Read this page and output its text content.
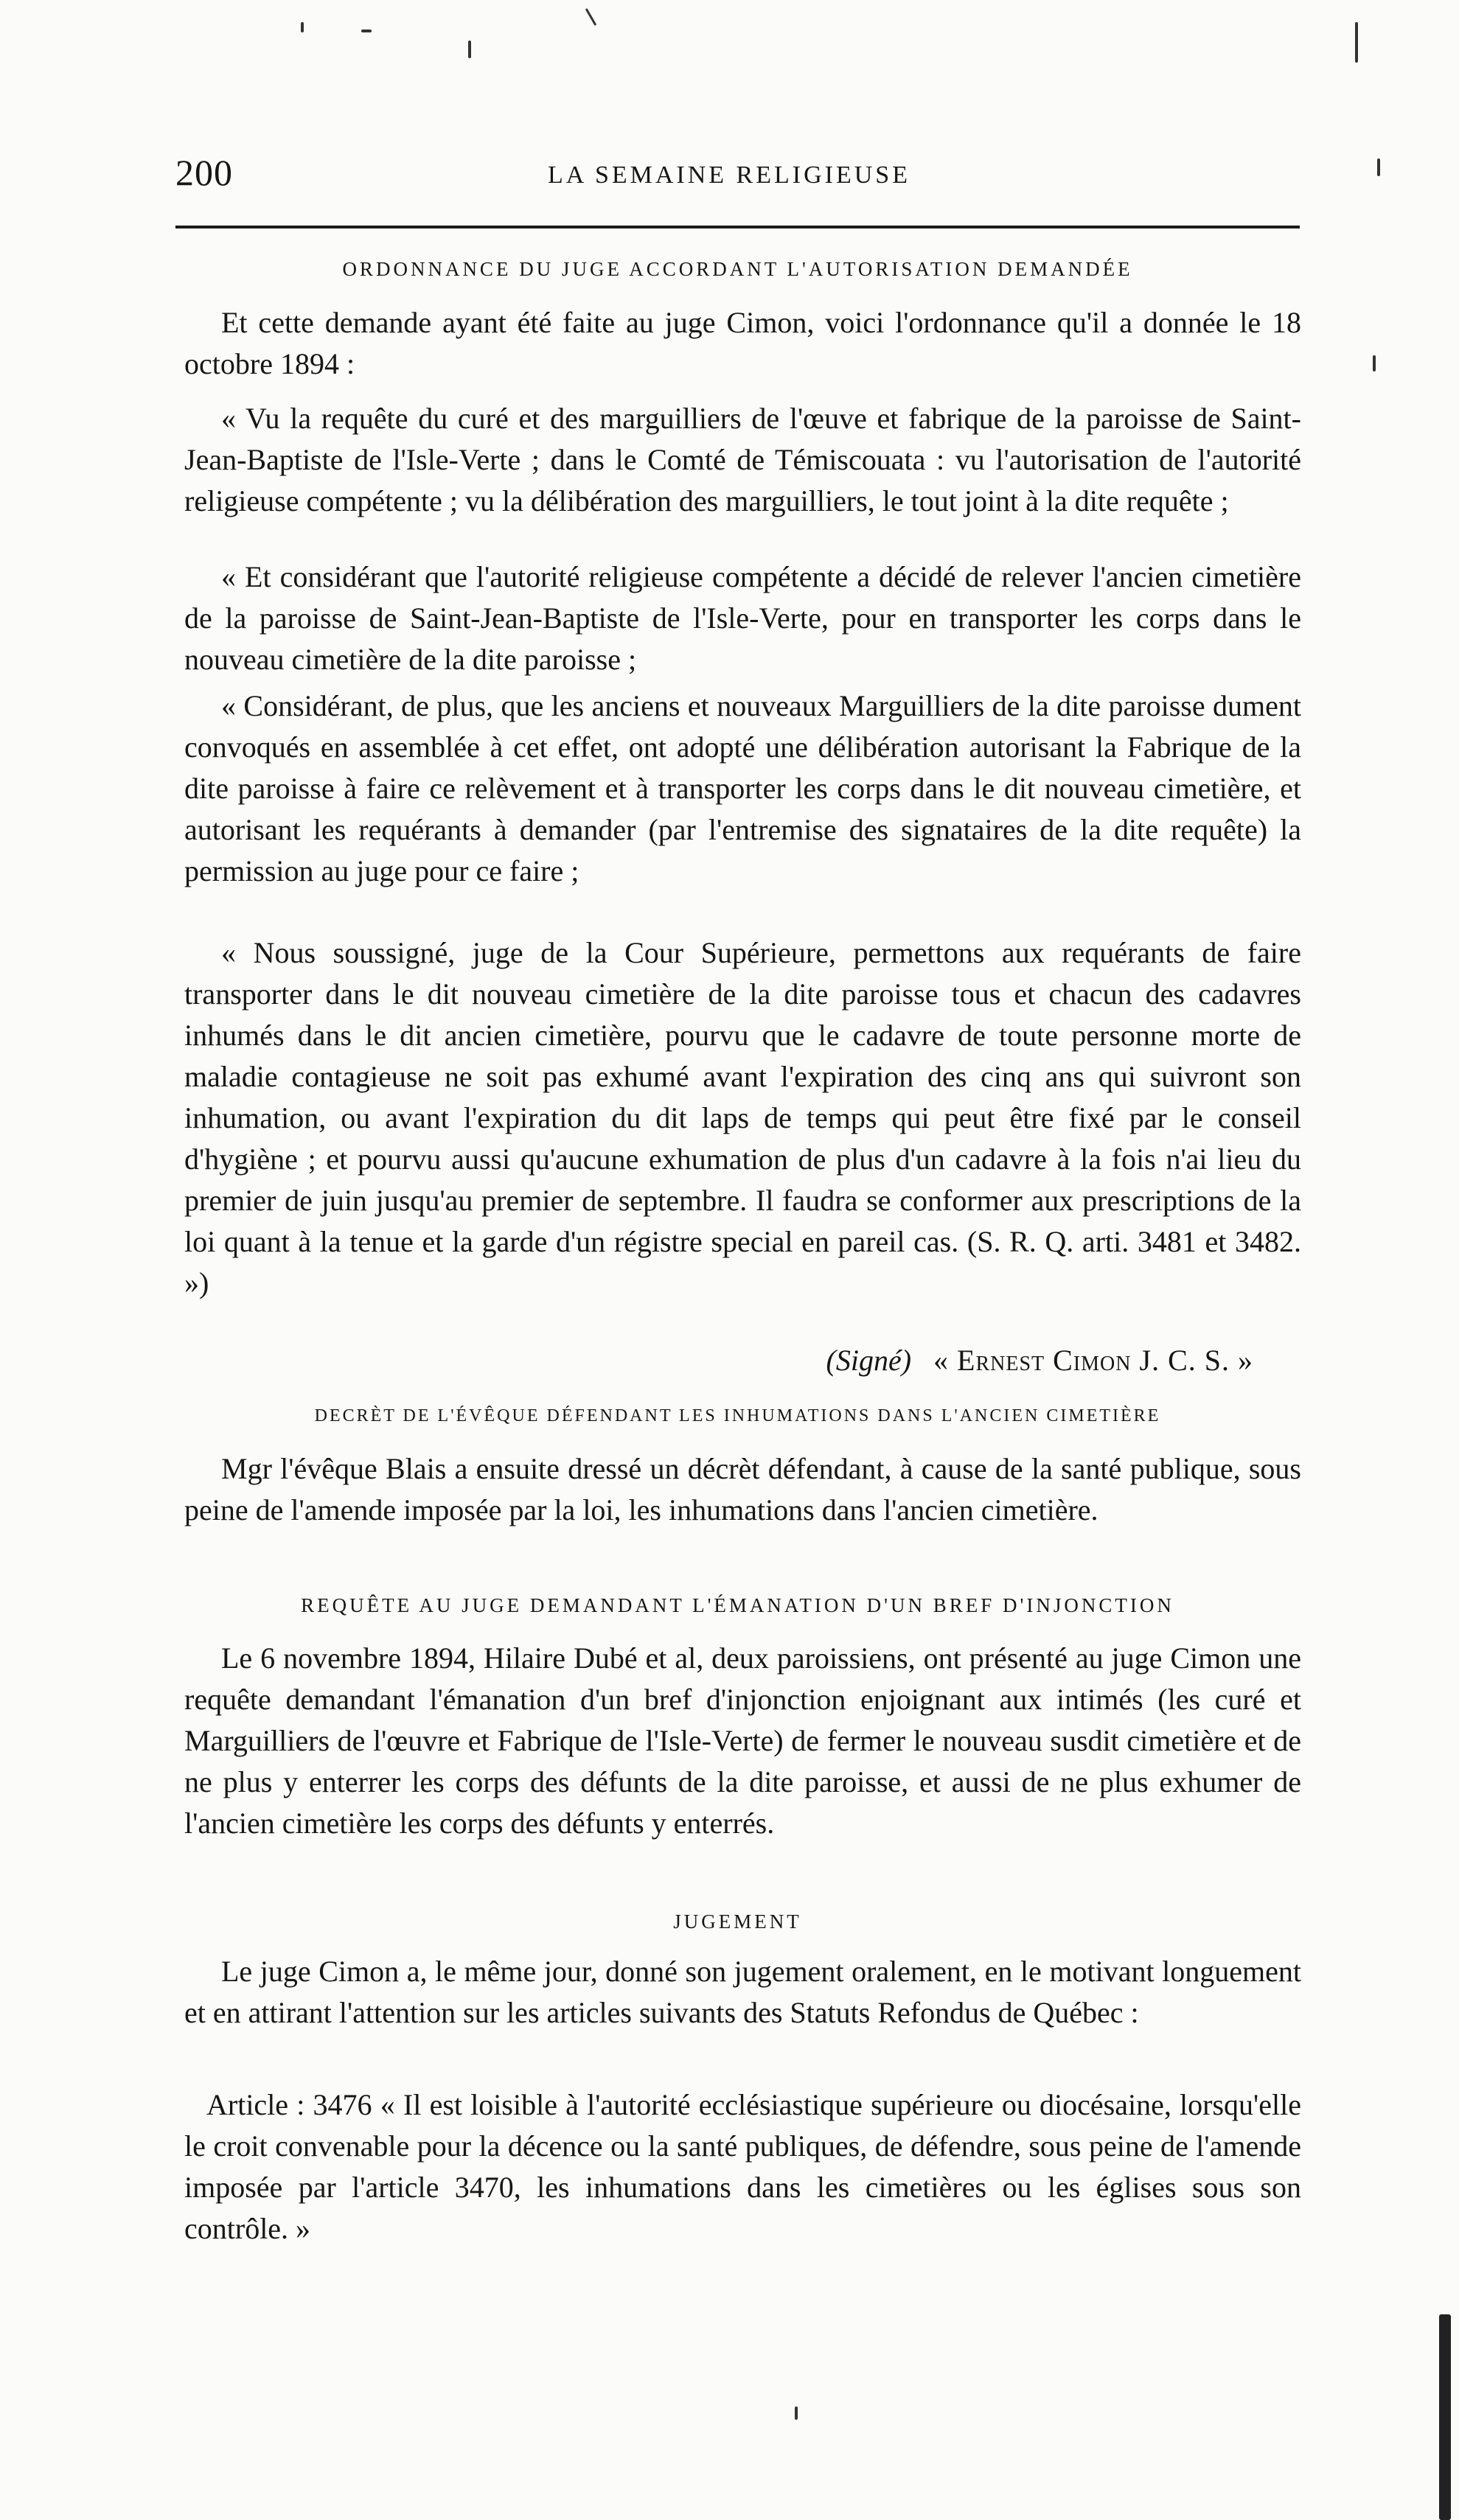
200	LA SEMAINE RELIGIEUSE
ORDONNANCE DU JUGE ACCORDANT L'AUTORISATION DEMANDÉE

Et cette demande ayant été faite au juge Cimon, voici l'ordonnance qu'il a donnée le 18 octobre 1894 :

« Vu la requête du curé et des marguilliers de l'œuve et fabrique de la paroisse de Saint-Jean-Baptiste de l'Isle-Verte ; dans le Comté de Témiscouata : vu l'autorisation de l'autorité religieuse compétente ; vu la délibération des marguilliers, le tout joint à la dite requête ;

« Et considérant que l'autorité religieuse compétente a décidé de relever l'ancien cimetière de la paroisse de Saint-Jean-Baptiste de l'Isle-Verte, pour en transporter les corps dans le nouveau cimetière de la dite paroisse ;

« Considérant, de plus, que les anciens et nouveaux Marguilliers de la dite paroisse dument convoqués en assemblée à cet effet, ont adopté une délibération autorisant la Fabrique de la dite paroisse à faire ce relèvement et à transporter les corps dans le dit nouveau cimetière, et autorisant les requérants à demander (par l'entremise des signataires de la dite requête) la permission au juge pour ce faire ;

« Nous soussigné, juge de la Cour Supérieure, permettons aux requérants de faire transporter dans le dit nouveau cimetière de la dite paroisse tous et chacun des cadavres inhumés dans le dit ancien cimetière, pourvu que le cadavre de toute personne morte de maladie contagieuse ne soit pas exhumé avant l'expiration des cinq ans qui suivront son inhumation, ou avant l'expiration du dit laps de temps qui peut être fixé par le conseil d'hygiène ; et pourvu aussi qu'aucune exhumation de plus d'un cadavre à la fois n'ai lieu du premier de juin jusqu'au premier de septembre. Il faudra se conformer aux prescriptions de la loi quant à la tenue et la garde d'un régistre special en pareil cas. (S. R. Q. arti. 3481 et 3482. »)

(Signé) « Ernest Cimon J. C. S. »
DECRÈT DE L'ÉVÊQUE DÉFENDANT LES INHUMATIONS DANS L'ANCIEN CIMETIÈRE

Mgr l'évêque Blais a ensuite dressé un décrèt défendant, à cause de la santé publique, sous peine de l'amende imposée par la loi, les inhumations dans l'ancien cimetière.

REQUÊTE AU JUGE DEMANDANT L'ÉMANATION D'UN BREF D'INJONCTION

Le 6 novembre 1894, Hilaire Dubé et al, deux paroissiens, ont présenté au juge Cimon une requête demandant l'émanation d'un bref d'injonction enjoignant aux intimés (les curé et Marguilliers de l'œuvre et Fabrique de l'Isle-Verte) de fermer le nouveau susdit cimetière et de ne plus y enterrer les corps des défunts de la dite paroisse, et aussi de ne plus exhumer de l'ancien cimetière les corps des défunts y enterrés.

JUGEMENT

Le juge Cimon a, le même jour, donné son jugement oralement, en le motivant longuement et en attirant l'attention sur les articles suivants des Statuts Refondus de Québec :

Article : 3476 « Il est loisible à l'autorité ecclésiastique supérieure ou diocésaine, lorsqu'elle le croit convenable pour la décence ou la santé publiques, de défendre, sous peine de l'amende imposée par l'article 3470, les inhumations dans les cimetières ou les églises sous son contrôle. »
